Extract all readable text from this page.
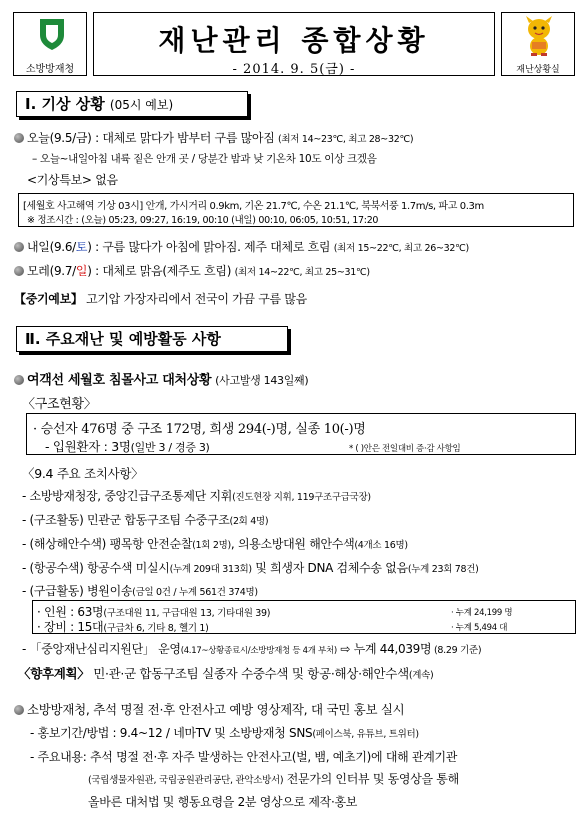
소방방재청
재난관리 종합상황
- 2014. 9. 5(금) -	재난상황실
Ⅰ. 기상 상황 (05시 예보)
오늘(9.5/금) : 대체로 맑다가 밤부터 구름 많아짐 (최저 14~23℃, 최고 28~32℃)
– 오늘~내일아침 내륙 짙은 안개 곳 / 당분간 밤과 낮 기온차 10도 이상 크겠음
<기상특보> 없음
[세월호 사고해역 기상 03시] 안개, 가시거리 0.9km, 기온 21.7℃, 수온 21.1℃, 북북서풍 1.7m/s, 파고 0.3m
※ 정조시간 : (오늘) 05:23, 09:27, 16:19, 00:10 (내일) 00:10, 06:05, 10:51, 17:20
내일(9.6/토) : 구름 많다가 아침에 맑아짐. 제주 대체로 흐림 (최저 15~22℃, 최고 26~32℃)
모레(9.7/일) : 대체로 맑음(제주도 흐림) (최저 14~22℃, 최고 25~31℃)
【중기예보】 고기압 가장자리에서 전국이 가끔 구름 많음
Ⅱ. 주요재난 및 예방활동 사항
여객선 세월호 침몰사고 대처상황 (사고발생 143일째)
〈구조현황〉
· 승선자 476명 중 구조 172명, 희생 294(-)명, 실종 10(-)명
- 입원환자 : 3명(일반 3 / 경증 3)	* ( )안은 전일대비 증·감 사항임
〈9.4 주요 조치사항〉
- 소방방재청장, 중앙긴급구조통제단 지휘(진도현장 지휘, 119구조구급국장)
- (구조활동) 민관군 합동구조팀 수중구조(2회 4명)
- (해상해안수색) 팽목항 안전순찰(1회 2명), 의용소방대원 해안수색(4개소 16명)
- (항공수색) 항공수색 미실시(누계 209대 313회) 및 희생자 DNA 검체수송 없음(누계 23회 78건)
- (구급활동) 병원이송(금일 0건 / 누계 561건 374명)
· 인원 : 63명(구조대원 11, 구급대원 13, 기타대원 39)	· 누계 24,199 명
· 장비 : 15대(구급차 6, 기타 8, 헬기 1)	· 누계 5,494 대
- 「중앙재난심리지원단」 운영(4.17~상황종료시/소방방재청 등 4개 부처) ⇨ 누계 44,039명 (8.29 기준)
〈향후계획〉 민·관·군 합동구조팀 실종자 수중수색 및 항공·해상·해안수색(계속)
소방방재청, 추석 명절 전·후 안전사고 예방 영상제작, 대 국민 홍보 실시
- 홍보기간/방법 : 9.4~12 / 네마TV 및 소방방재청 SNS(페이스북, 유튜브, 트위터)
- 주요내용: 추석 명절 전·후 자주 발생하는 안전사고(벌, 뱀, 예초기)에 대해 관계기관
(국립생물자원관, 국립공원관리공단, 관악소방서) 전문가의 인터뷰 및 동영상을 통해
올바른 대처법 및 행동요령을 2분 영상으로 제작·홍보
